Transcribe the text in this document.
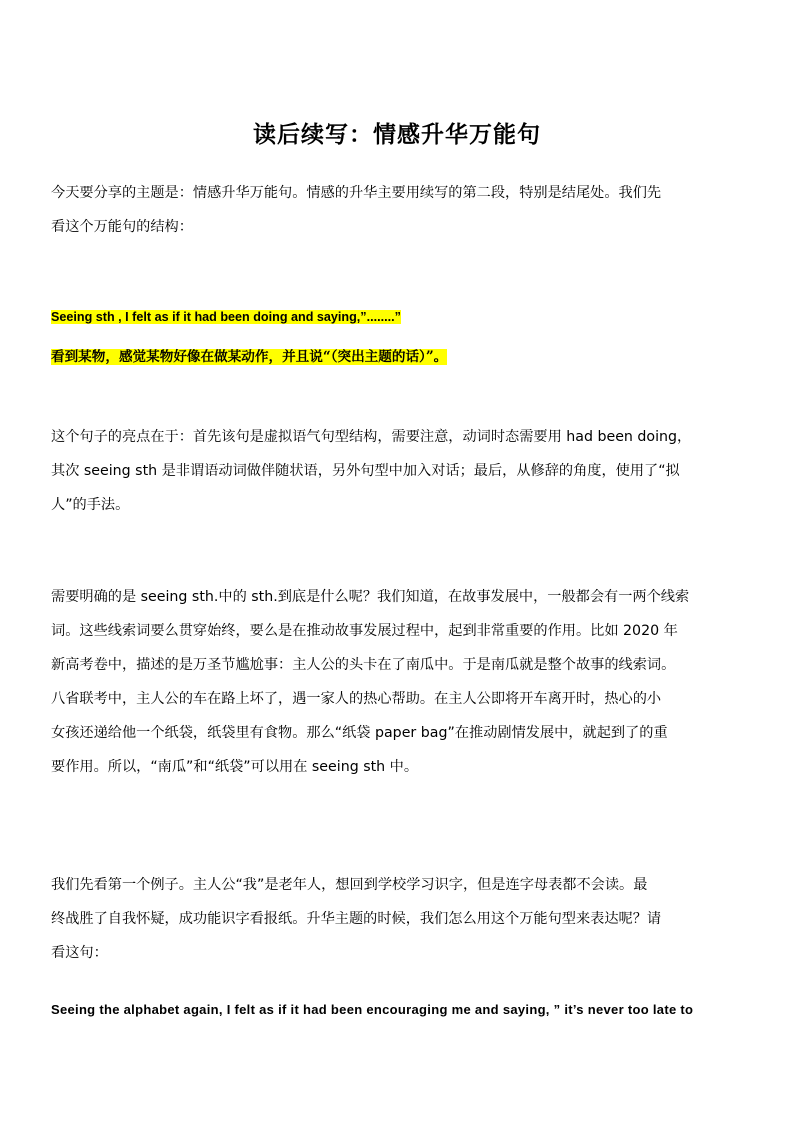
读后续写：情感升华万能句
今天要分享的主题是：情感升华万能句。情感的升华主要用续写的第二段，特别是结尾处。我们先
看这个万能句的结构：
Seeing sth , I felt as if it had been doing and saying,”........”
看到某物，感觉某物好像在做某动作，并且说“（突出主题的话）”。
这个句子的亮点在于：首先该句是虚拟语气句型结构，需要注意，动词时态需要用 had been doing，
其次 seeing sth 是非谓语动词做伴随状语，另外句型中加入对话；最后，从修辞的角度，使用了“拟
人”的手法。
需要明确的是 seeing sth.中的 sth.到底是什么呢？我们知道，在故事发展中，一般都会有一两个线索
词。这些线索词要么贯穿始终，要么是在推动故事发展过程中，起到非常重要的作用。比如 2020 年
新高考卷中，描述的是万圣节尴尬事：主人公的头卡在了南瓜中。于是南瓜就是整个故事的线索词。
八省联考中，主人公的车在路上坏了，遇一家人的热心帮助。在主人公即将开车离开时，热心的小
女孩还递给他一个纸袋，纸袋里有食物。那么“纸袋 paper bag”在推动剧情发展中，就起到了的重
要作用。所以，“南瓜”和“纸袋”可以用在 seeing sth 中。
我们先看第一个例子。主人公“我”是老年人，想回到学校学习识字，但是连字母表都不会读。最
终战胜了自我怀疑，成功能识字看报纸。升华主题的时候，我们怎么用这个万能句型来表达呢？请
看这句：
Seeing the alphabet again, I felt as if it had been encouraging me and saying, ” it’s never too late to
